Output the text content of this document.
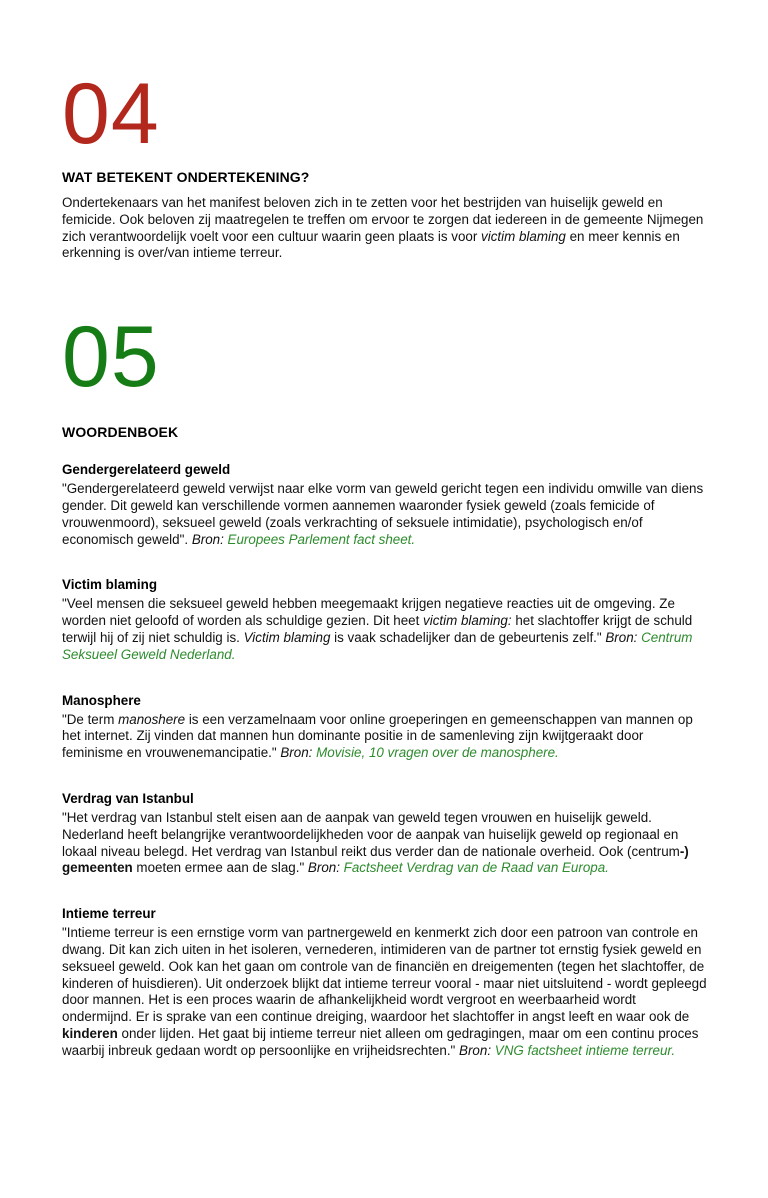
04
WAT BETEKENT ONDERTEKENING?

Ondertekenaars van het manifest beloven zich in te zetten voor het bestrijden van huiselijk geweld en femicide. Ook beloven zij maatregelen te treffen om ervoor te zorgen dat iedereen in de gemeente Nijmegen zich verantwoordelijk voelt voor een cultuur waarin geen plaats is voor victim blaming en meer kennis en erkenning is over/van intieme terreur.

05
WOORDENBOEK
Gendergerelateerd geweld

"Gendergerelateerd geweld verwijst naar elke vorm van geweld gericht tegen een individu omwille van diens gender. Dit geweld kan verschillende vormen aannemen waaronder fysiek geweld (zoals femicide of vrouwenmoord), seksueel geweld (zoals verkrachting of seksuele intimidatie), psychologisch en/of economisch geweld". Bron: Europees Parlement fact sheet.

Victim blaming

"Veel mensen die seksueel geweld hebben meegemaakt krijgen negatieve reacties uit de omgeving. Ze worden niet geloofd of worden als schuldige gezien. Dit heet victim blaming: het slachtoffer krijgt de schuld terwijl hij of zij niet schuldig is. Victim blaming is vaak schadelijker dan de gebeurtenis zelf." Bron: Centrum Seksueel Geweld Nederland.

Manosphere

"De term manoshere is een verzamelnaam voor online groeperingen en gemeenschappen van mannen op het internet. Zij vinden dat mannen hun dominante positie in de samenleving zijn kwijtgeraakt door feminisme en vrouwenemancipatie." Bron: Movisie, 10 vragen over de manosphere.

Verdrag van Istanbul

"Het verdrag van Istanbul stelt eisen aan de aanpak van geweld tegen vrouwen en huiselijk geweld. Nederland heeft belangrijke verantwoordelijkheden voor de aanpak van huiselijk geweld op regionaal en lokaal niveau belegd. Het verdrag van Istanbul reikt dus verder dan de nationale overheid. Ook (centrum-) gemeenten moeten ermee aan de slag." Bron: Factsheet Verdrag van de Raad van Europa.

Intieme terreur

"Intieme terreur is een ernstige vorm van partnergeweld en kenmerkt zich door een patroon van controle en dwang. Dit kan zich uiten in het isoleren, vernederen, intimideren van de partner tot ernstig fysiek geweld en seksueel geweld. Ook kan het gaan om controle van de financiën en dreigementen (tegen het slachtoffer, de kinderen of huisdieren). Uit onderzoek blijkt dat intieme terreur vooral - maar niet uitsluitend - wordt gepleegd door mannen. Het is een proces waarin de afhankelijkheid wordt vergroot en weerbaarheid wordt ondermijnd. Er is sprake van een continue dreiging, waardoor het slachtoffer in angst leeft en waar ook de kinderen onder lijden. Het gaat bij intieme terreur niet alleen om gedragingen, maar om een continu proces waarbij inbreuk gedaan wordt op persoonlijke en vrijheidsrechten." Bron: VNG factsheet intieme terreur.
